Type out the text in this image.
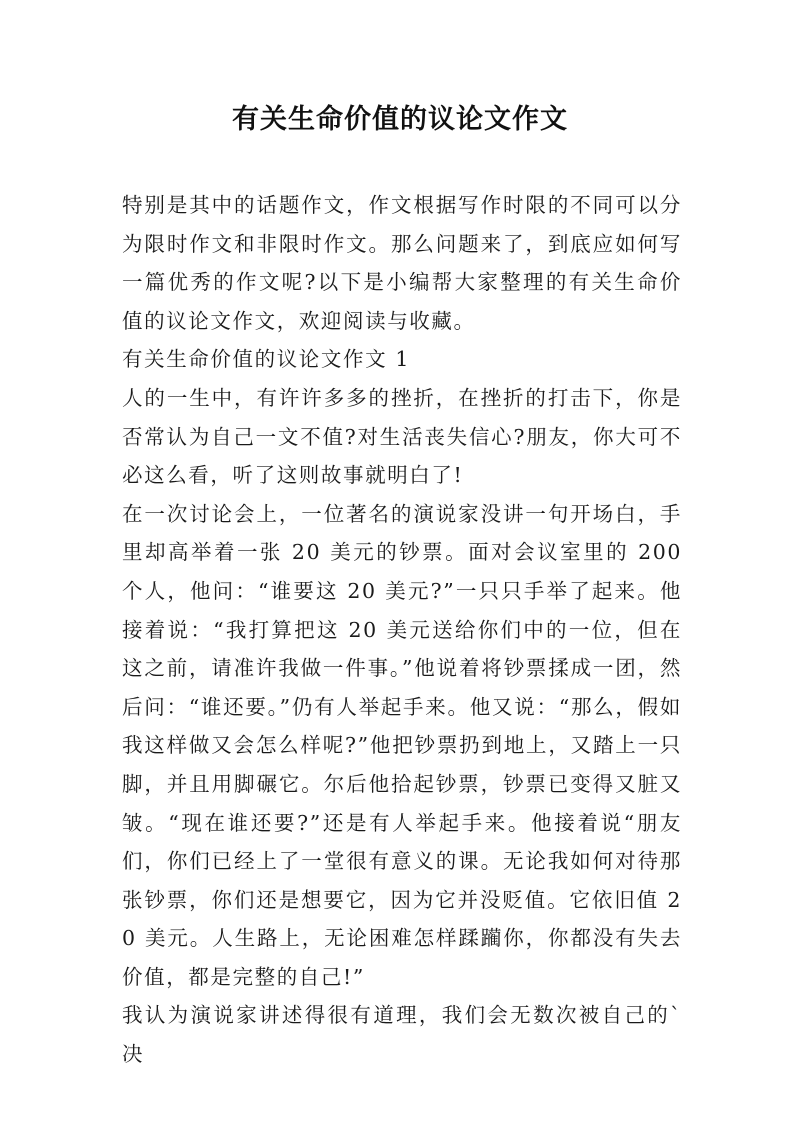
有关生命价值的议论文作文

特别是其中的话题作文，作文根据写作时限的不同可以分为限时作文和非限时作文。那么问题来了，到底应如何写一篇优秀的作文呢?以下是小编帮大家整理的有关生命价值的议论文作文，欢迎阅读与收藏。

有关生命价值的议论文作文 1

人的一生中，有许许多多的挫折，在挫折的打击下，你是否常认为自己一文不值?对生活丧失信心?朋友，你大可不必这么看，听了这则故事就明白了!

在一次讨论会上，一位著名的演说家没讲一句开场白，手里却高举着一张 20 美元的钞票。面对会议室里的 200 个人，他问：“谁要这 20 美元?”一只只手举了起来。他接着说：“我打算把这 20 美元送给你们中的一位，但在这之前，请准许我做一件事。”他说着将钞票揉成一团，然后问：“谁还要。”仍有人举起手来。他又说：“那么，假如我这样做又会怎么样呢?”他把钞票扔到地上，又踏上一只脚，并且用脚碾它。尔后他拾起钞票，钞票已变得又脏又皱。“现在谁还要?”还是有人举起手来。他接着说“朋友们，你们已经上了一堂很有意义的课。无论我如何对待那张钞票，你们还是想要它，因为它并没贬值。它依旧值 20 美元。人生路上，无论困难怎样蹂躏你，你都没有失去价值，都是完整的自己!”

我认为演说家讲述得很有道理，我们会无数次被自己的`决
